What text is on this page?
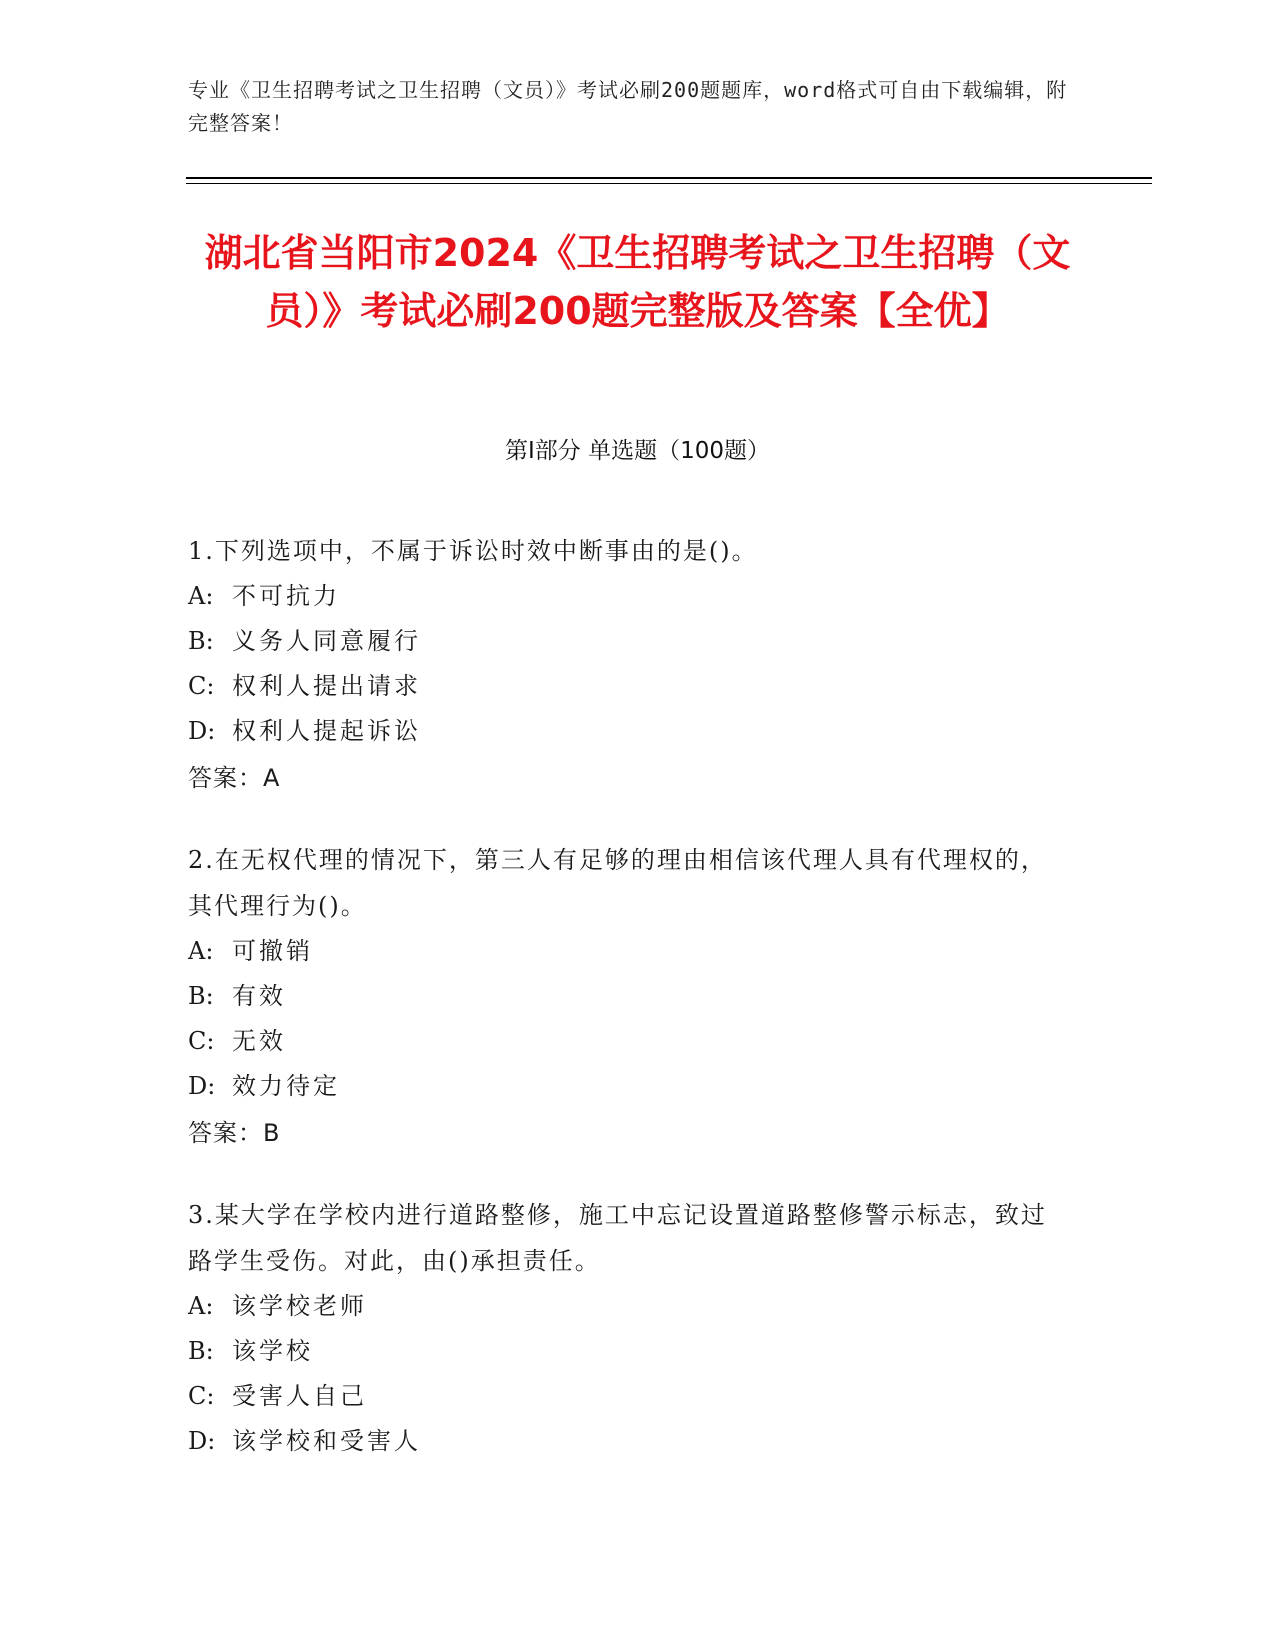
专业《卫生招聘考试之卫生招聘（文员）》考试必刷200题题库，word格式可自由下载编辑，附完整答案！
湖北省当阳市2024《卫生招聘考试之卫生招聘（文员）》考试必刷200题完整版及答案【全优】
第I部分 单选题（100题）
1.下列选项中，不属于诉讼时效中断事由的是()。
A: 不可抗力
B: 义务人同意履行
C: 权利人提出请求
D: 权利人提起诉讼
答案：A
2.在无权代理的情况下，第三人有足够的理由相信该代理人具有代理权的，其代理行为()。
A: 可撤销
B: 有效
C: 无效
D: 效力待定
答案：B
3.某大学在学校内进行道路整修，施工中忘记设置道路整修警示标志，致过路学生受伤。对此，由()承担责任。
A: 该学校老师
B: 该学校
C: 受害人自己
D: 该学校和受害人
